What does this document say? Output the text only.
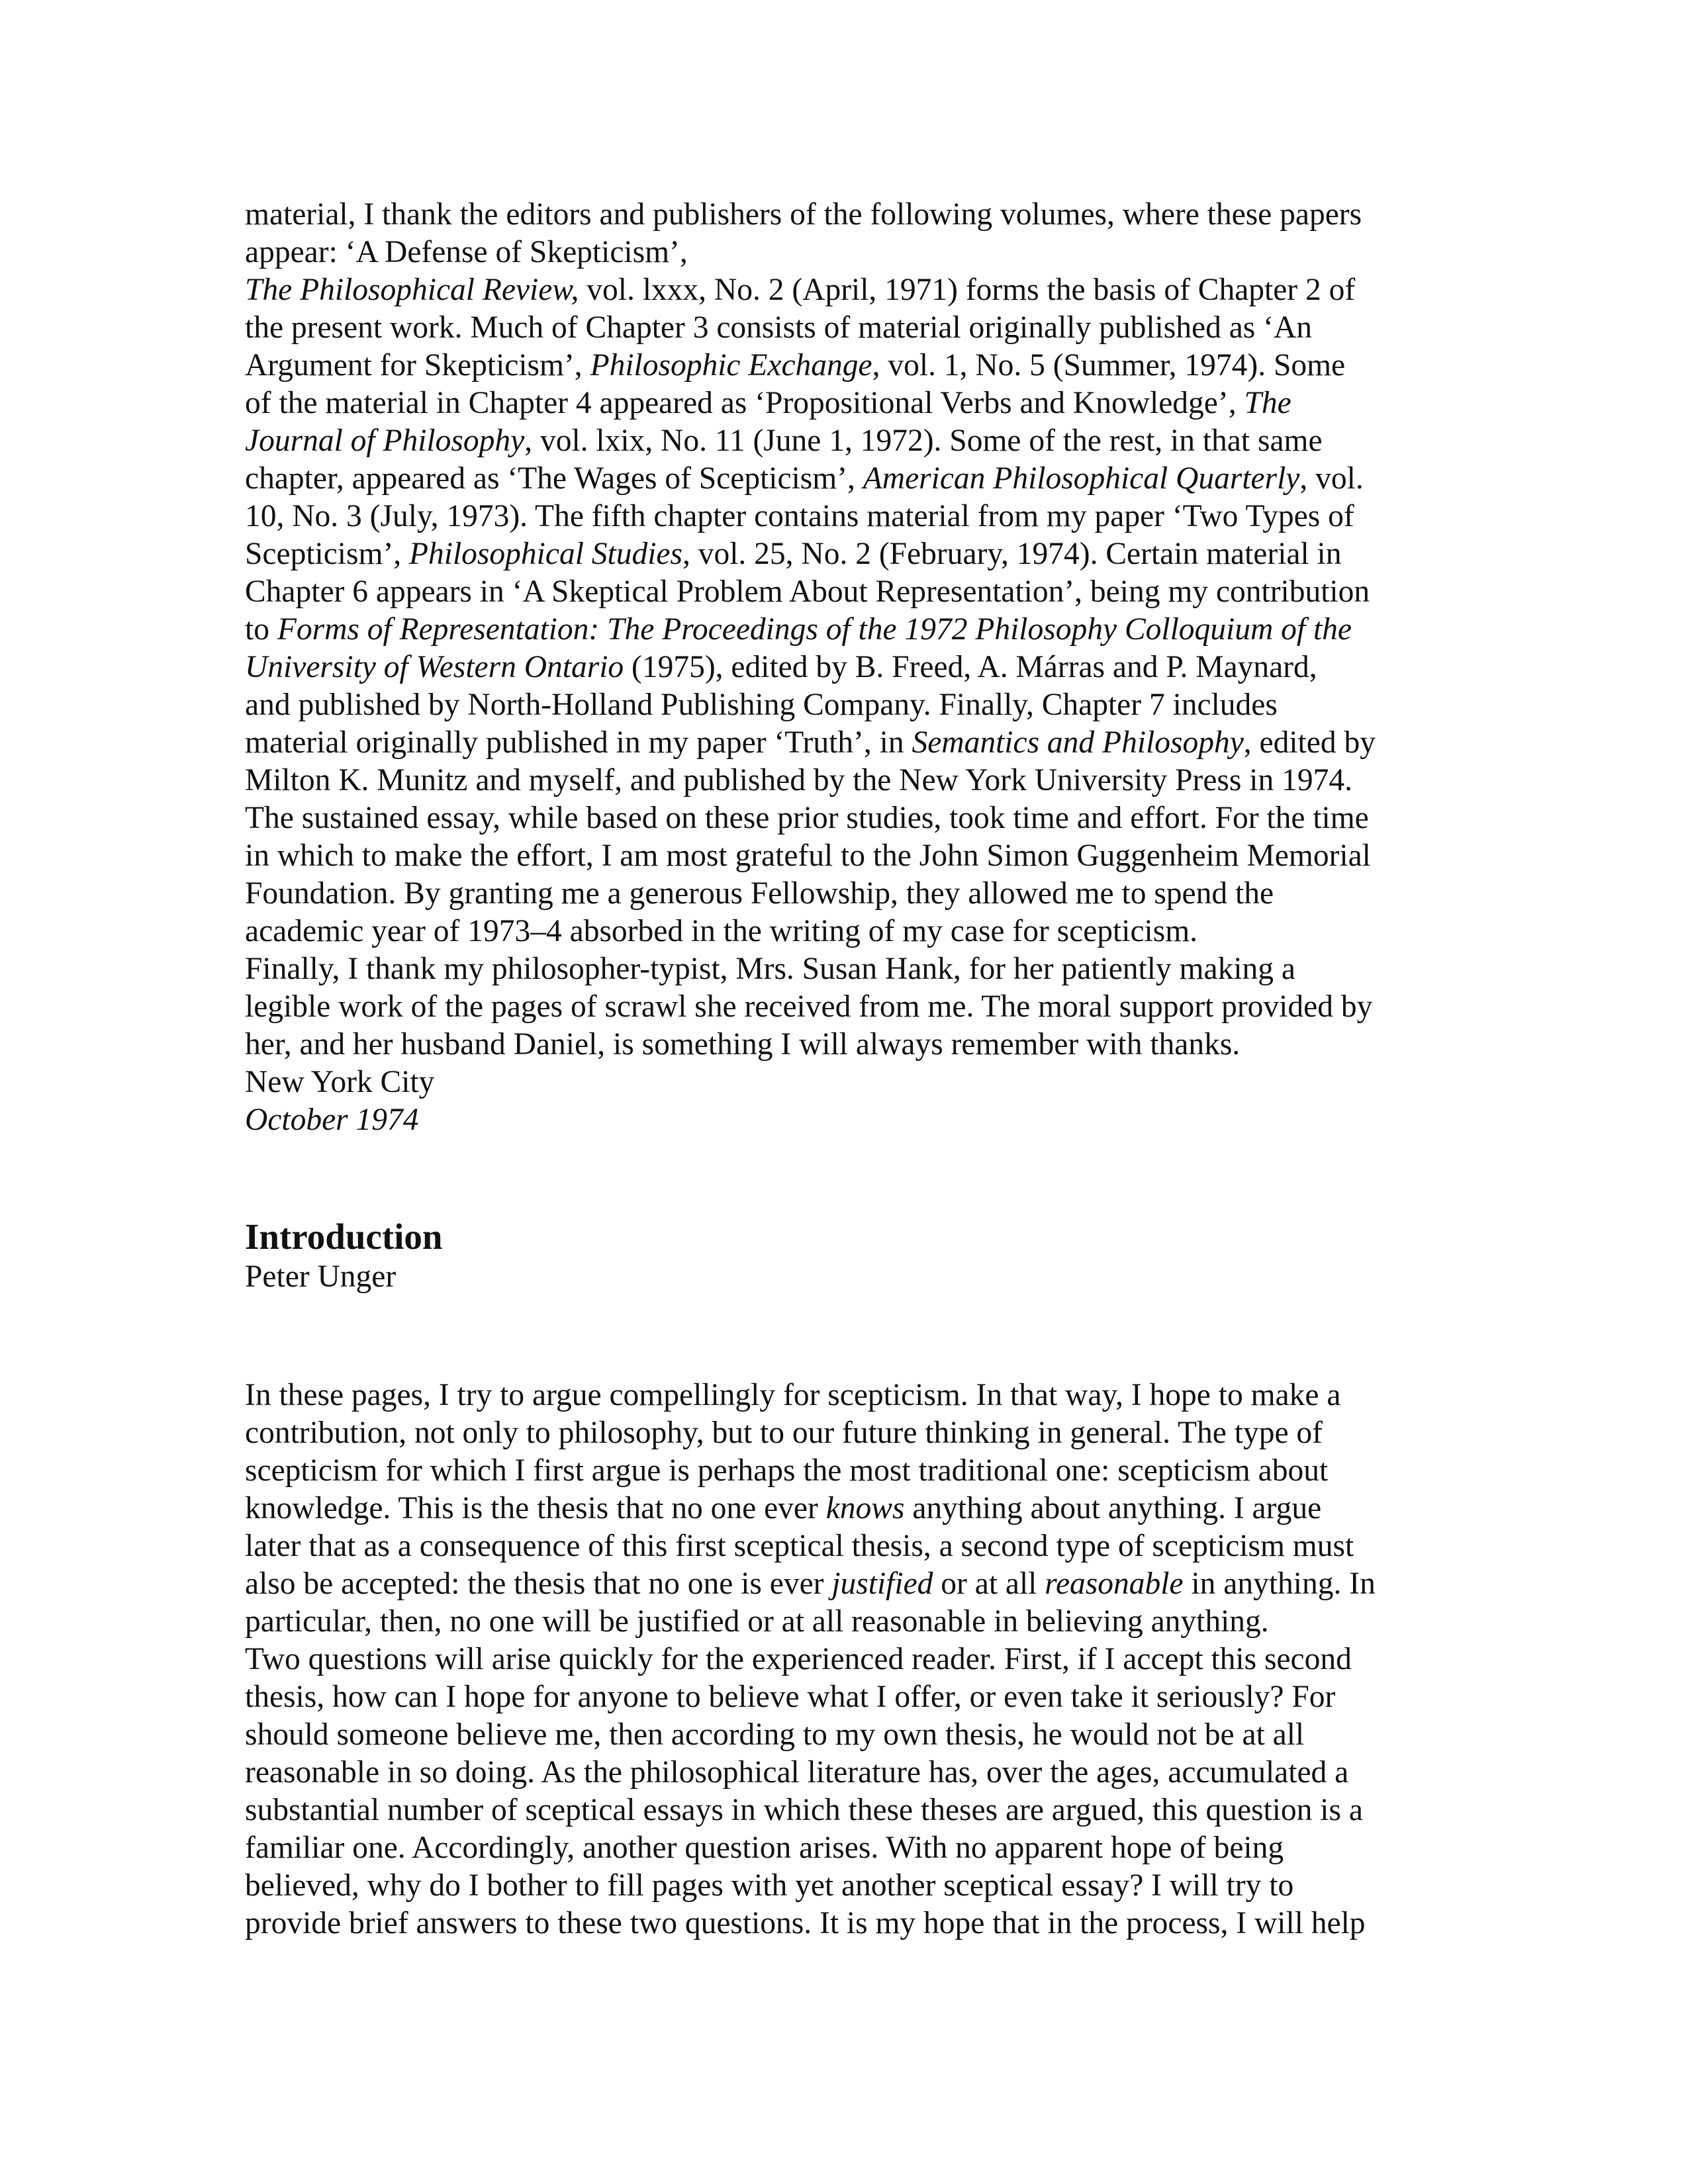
material, I thank the editors and publishers of the following volumes, where these papers
appear: ‘A Defense of Skepticism’,
The Philosophical Review, vol. lxxx, No. 2 (April, 1971) forms the basis of Chapter 2 of
the present work. Much of Chapter 3 consists of material originally published as ‘An
Argument for Skepticism’, Philosophic Exchange, vol. 1, No. 5 (Summer, 1974). Some
of the material in Chapter 4 appeared as ‘Propositional Verbs and Knowledge’, The
Journal of Philosophy, vol. lxix, No. 11 (June 1, 1972). Some of the rest, in that same
chapter, appeared as ‘The Wages of Scepticism’, American Philosophical Quarterly, vol.
10, No. 3 (July, 1973). The fifth chapter contains material from my paper ‘Two Types of
Scepticism’, Philosophical Studies, vol. 25, No. 2 (February, 1974). Certain material in
Chapter 6 appears in ‘A Skeptical Problem About Representation’, being my contribution
to Forms of Representation: The Proceedings of the 1972 Philosophy Colloquium of the
University of Western Ontario (1975), edited by B. Freed, A. Márras and P. Maynard,
and published by North-Holland Publishing Company. Finally, Chapter 7 includes
material originally published in my paper ‘Truth’, in Semantics and Philosophy, edited by
Milton K. Munitz and myself, and published by the New York University Press in 1974.
The sustained essay, while based on these prior studies, took time and effort. For the time
in which to make the effort, I am most grateful to the John Simon Guggenheim Memorial
Foundation. By granting me a generous Fellowship, they allowed me to spend the
academic year of 1973–4 absorbed in the writing of my case for scepticism.
Finally, I thank my philosopher-typist, Mrs. Susan Hank, for her patiently making a
legible work of the pages of scrawl she received from me. The moral support provided by
her, and her husband Daniel, is something I will always remember with thanks.
New York City
October 1974
Introduction
Peter Unger
In these pages, I try to argue compellingly for scepticism. In that way, I hope to make a
contribution, not only to philosophy, but to our future thinking in general. The type of
scepticism for which I first argue is perhaps the most traditional one: scepticism about
knowledge. This is the thesis that no one ever knows anything about anything. I argue
later that as a consequence of this first sceptical thesis, a second type of scepticism must
also be accepted: the thesis that no one is ever justified or at all reasonable in anything. In
particular, then, no one will be justified or at all reasonable in believing anything.
Two questions will arise quickly for the experienced reader. First, if I accept this second
thesis, how can I hope for anyone to believe what I offer, or even take it seriously? For
should someone believe me, then according to my own thesis, he would not be at all
reasonable in so doing. As the philosophical literature has, over the ages, accumulated a
substantial number of sceptical essays in which these theses are argued, this question is a
familiar one. Accordingly, another question arises. With no apparent hope of being
believed, why do I bother to fill pages with yet another sceptical essay? I will try to
provide brief answers to these two questions. It is my hope that in the process, I will help
